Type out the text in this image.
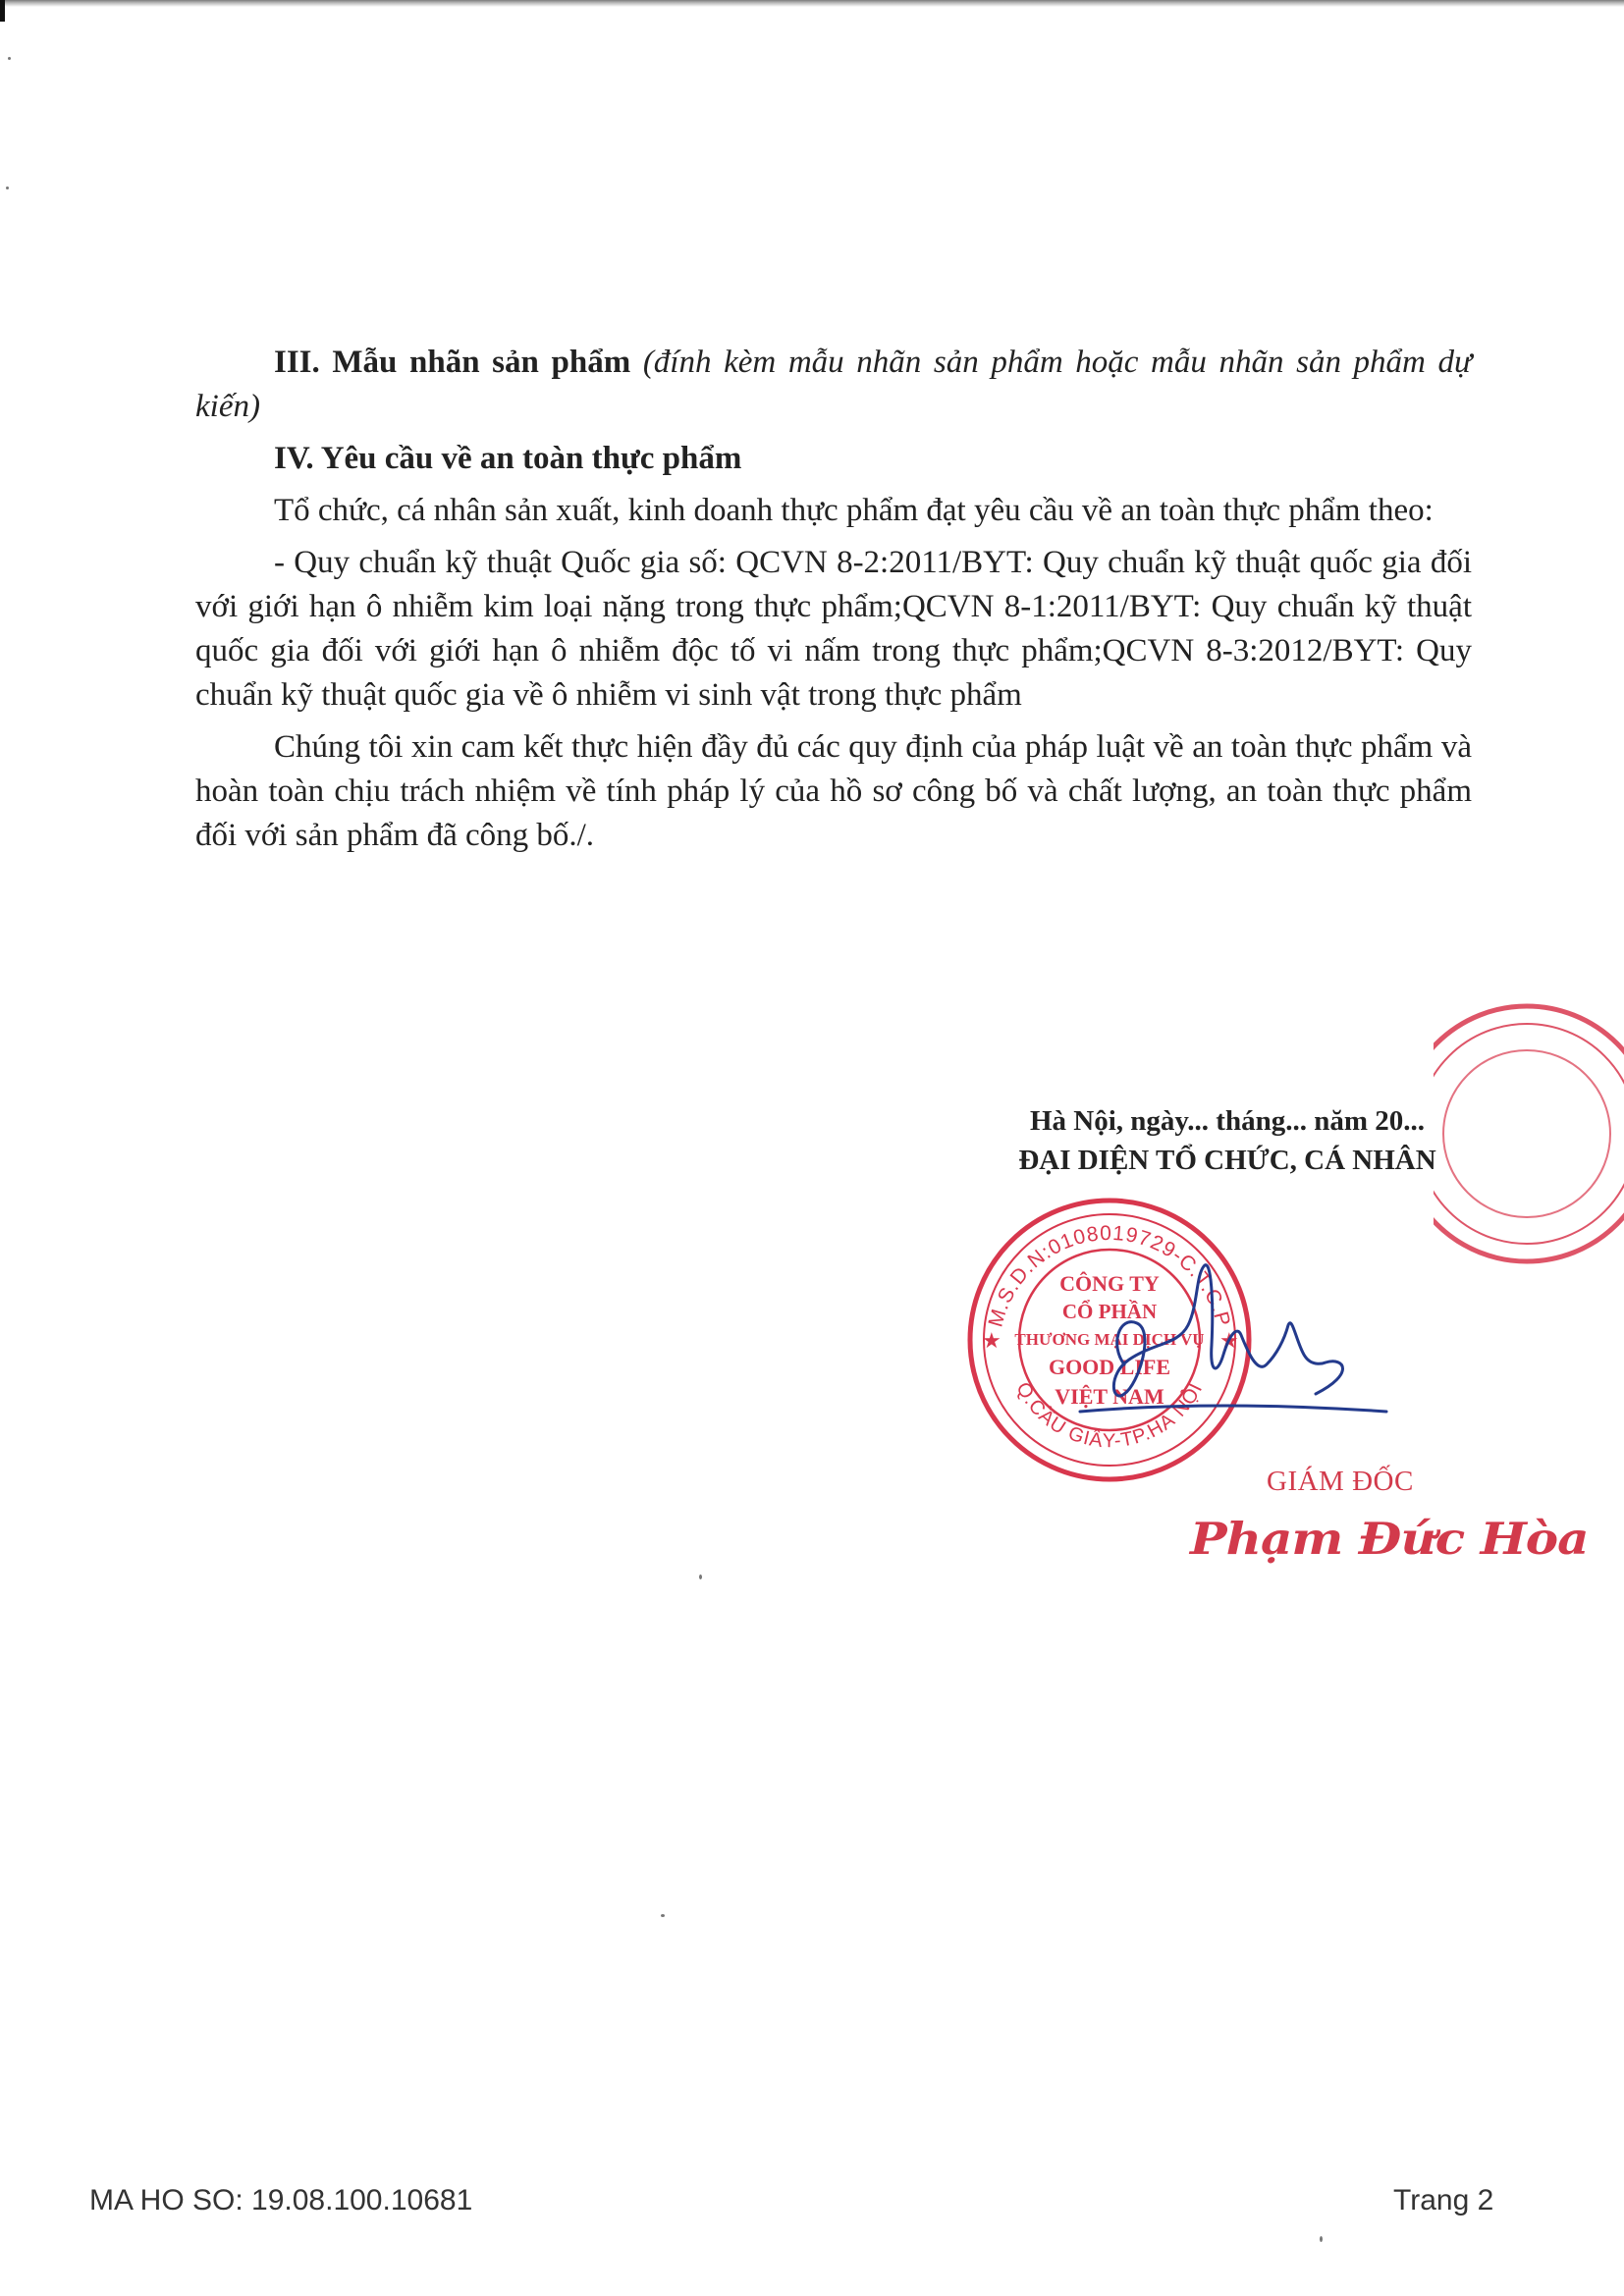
III. Mẫu nhãn sản phẩm (đính kèm mẫu nhãn sản phẩm hoặc mẫu nhãn sản phẩm dự kiến)

IV. Yêu cầu về an toàn thực phẩm

Tổ chức, cá nhân sản xuất, kinh doanh thực phẩm đạt yêu cầu về an toàn thực phẩm theo:

- Quy chuẩn kỹ thuật Quốc gia số: QCVN 8-2:2011/BYT: Quy chuẩn kỹ thuật quốc gia đối với giới hạn ô nhiễm kim loại nặng trong thực phẩm;QCVN 8-1:2011/BYT: Quy chuẩn kỹ thuật quốc gia đối với giới hạn ô nhiễm độc tố vi nấm trong thực phẩm;QCVN 8-3:2012/BYT: Quy chuẩn kỹ thuật quốc gia về ô nhiễm vi sinh vật trong thực phẩm

Chúng tôi xin cam kết thực hiện đầy đủ các quy định của pháp luật về an toàn thực phẩm và hoàn toàn chịu trách nhiệm về tính pháp lý của hồ sơ công bố và chất lượng, an toàn thực phẩm đối với sản phẩm đã công bố./.

Hà Nội, ngày... tháng... năm 20...
ĐẠI DIỆN TỔ CHỨC, CÁ NHÂN
M.S.D.N:0108019729-C.T.C.P
Q.CẦU GIẤY-TP.HÀ NỘI
★	★
CÔNG TY
CỔ PHẦN
THƯƠNG MẠI DỊCH VỤ
GOOD LIFE
VIỆT NAM
GIÁM ĐỐC
Phạm Đức Hòa
MA HO SO: 19.08.100.10681	Trang 2
